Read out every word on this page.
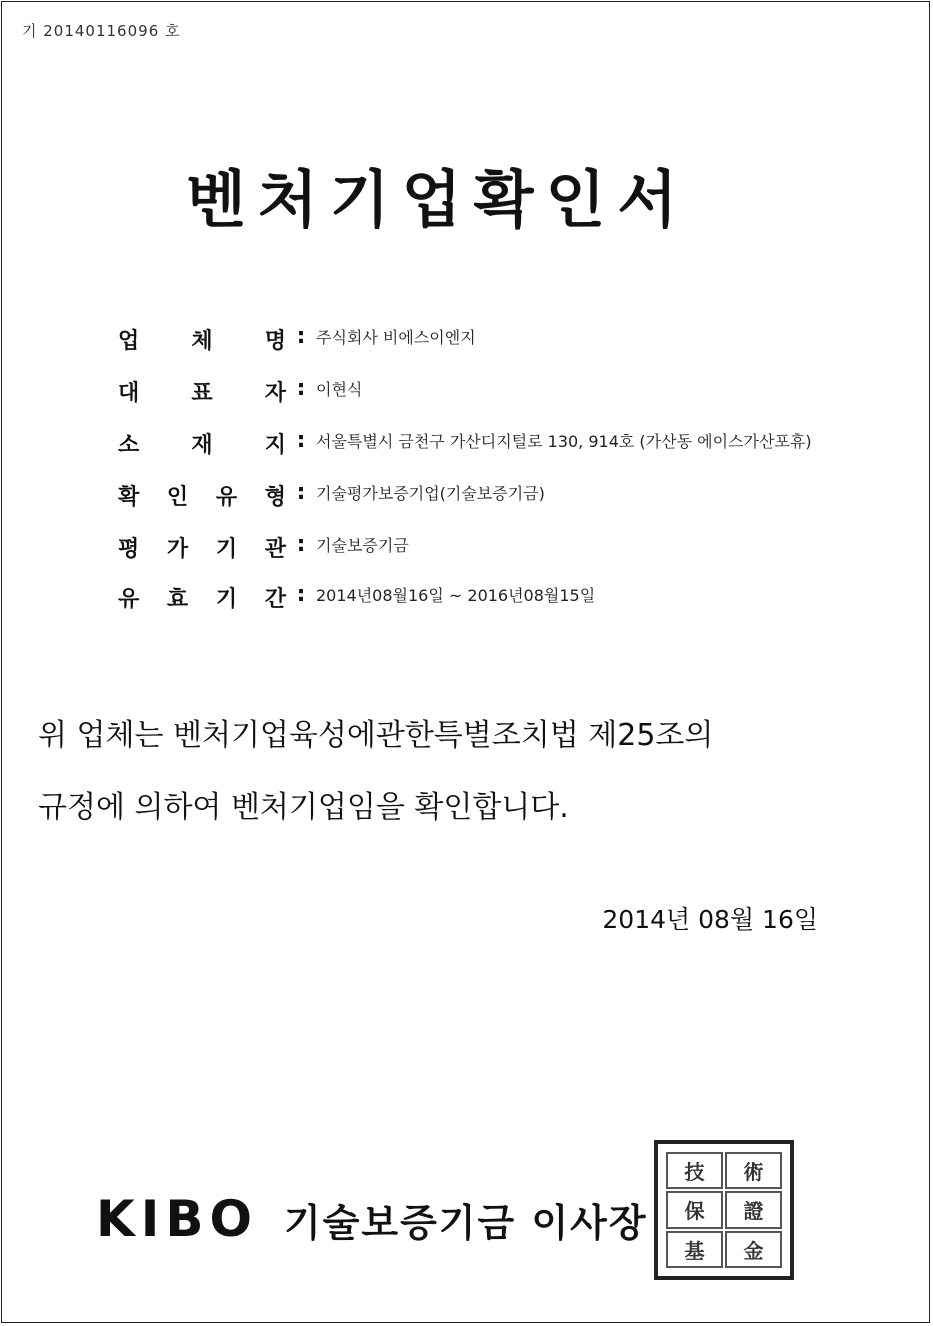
기 20140116096 호
벤처기업확인서
업 체 명 : 주식회사 비에스이엔지
대 표 자 : 이현식
소 재 지 : 서울특별시 금천구 가산디지털로 130, 914호 (가산동 에이스가산포휴)
확 인 유 형 : 기술평가보증기업(기술보증기금)
평 가 기 관 : 기술보증기금
유 효 기 간 : 2014년08월16일 ~ 2016년08월15일
위 업체는 벤처기업육성에관한특별조치법 제25조의
규정에 의하여 벤처기업임을 확인합니다.
2014년 08월 16일
KIBO 기술보증기금 이사장
技	術
保	證
基	金
